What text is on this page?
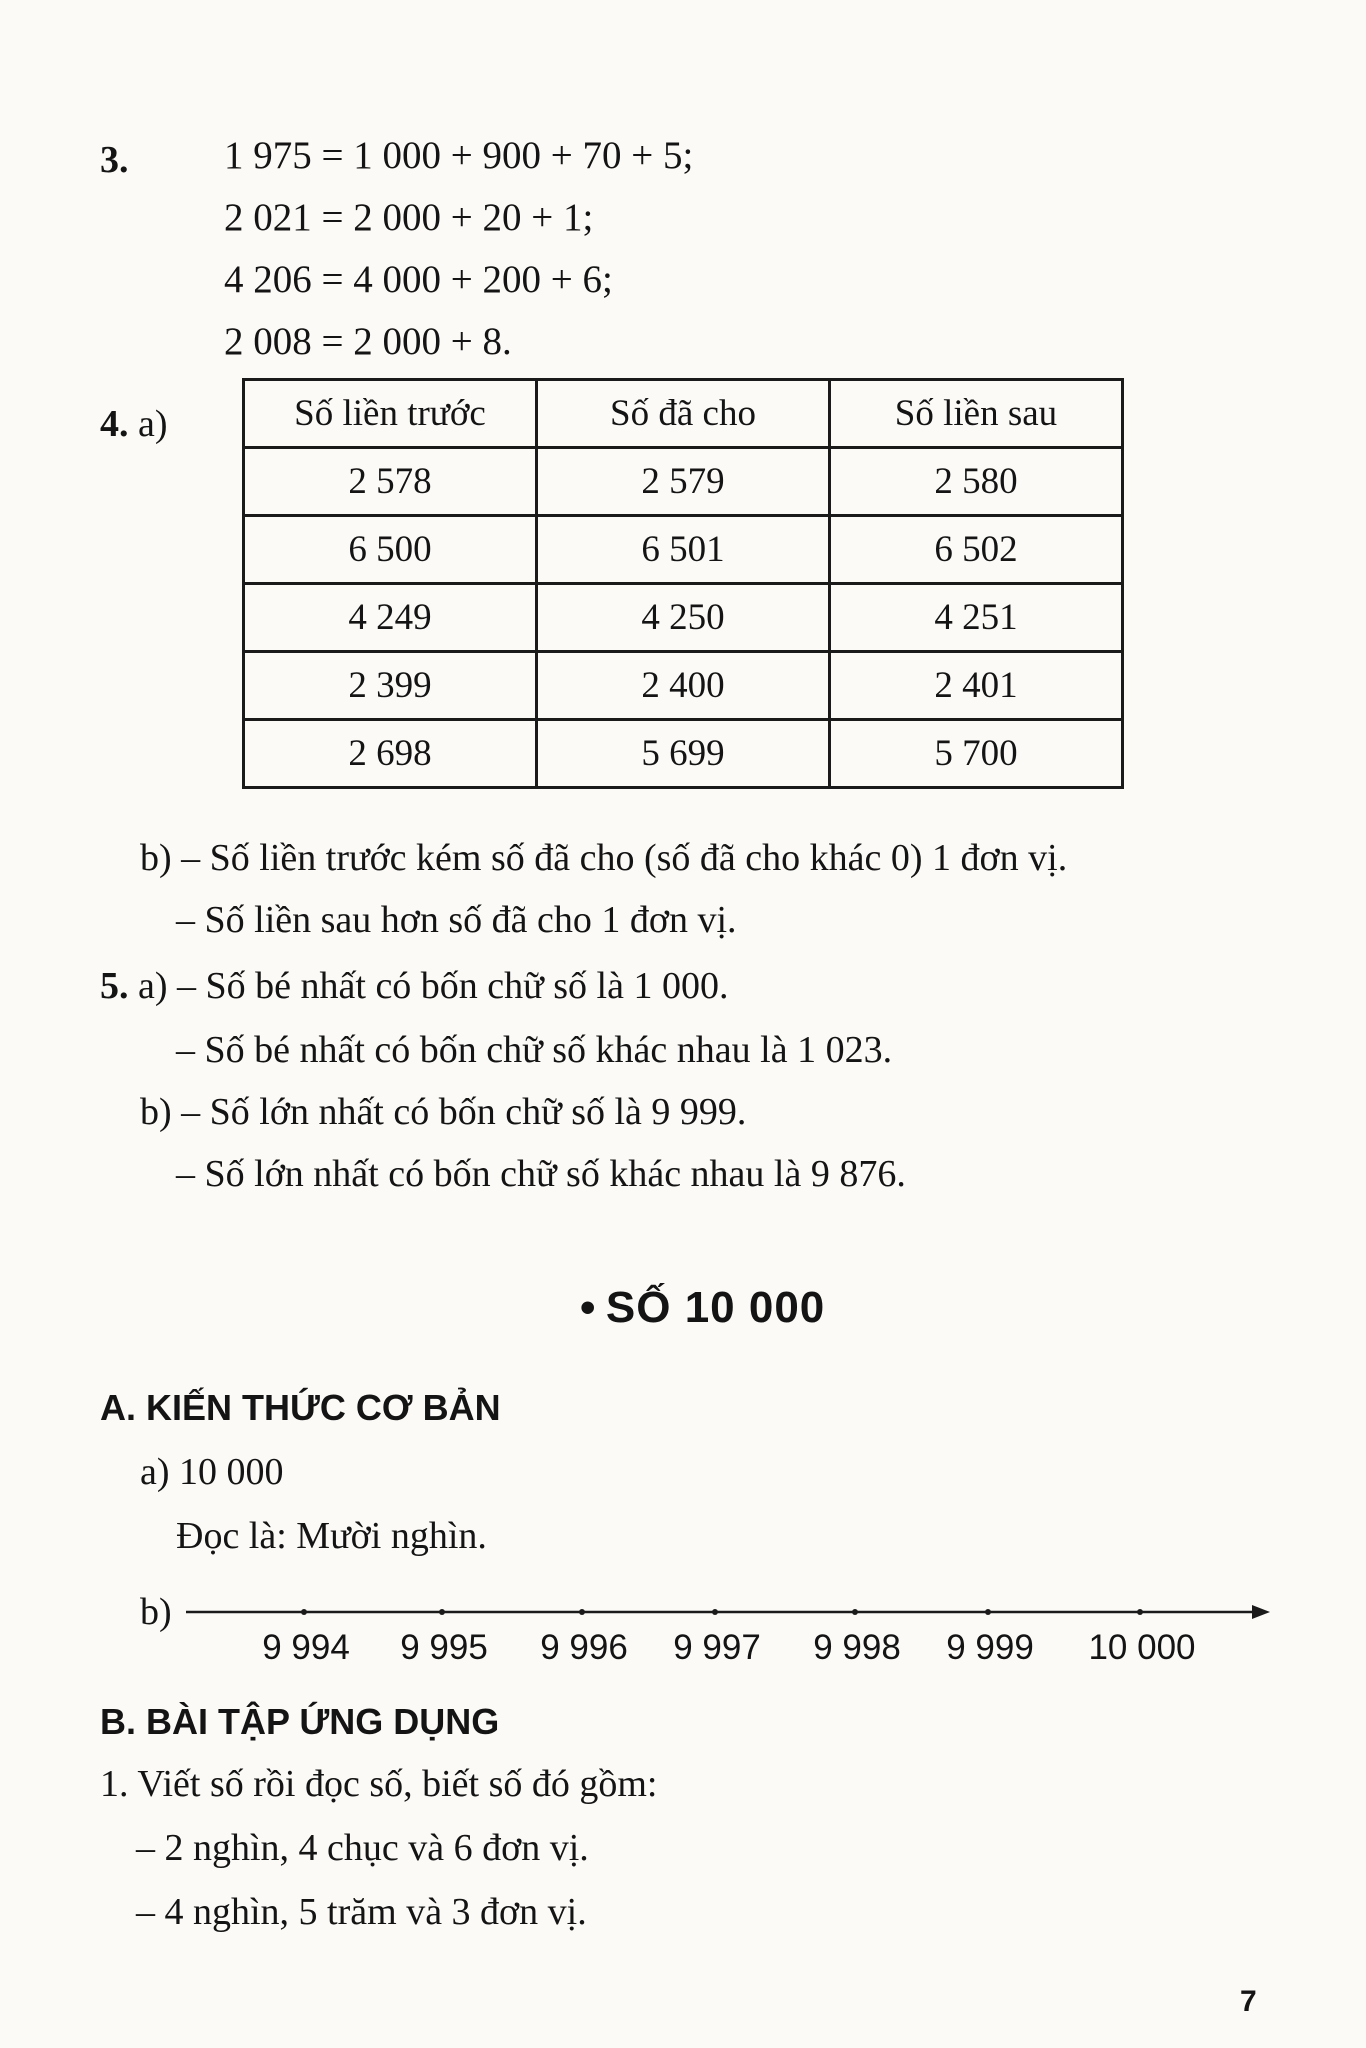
3. 1 975 = 1 000 + 900 + 70 + 5;
2 021 = 2 000 + 20 + 1;
4 206 = 4 000 + 200 + 6;
2 008 = 2 000 + 8.
4. a)	Số liền trước	Số đã cho	Số liền sau
2 578	2 579	2 580
6 500	6 501	6 502
4 249	4 250	4 251
2 399	2 400	2 401
2 698	5 699	5 700
b) – Số liền trước kém số đã cho (số đã cho khác 0) 1 đơn vị.
– Số liền sau hơn số đã cho 1 đơn vị.
5. a) – Số bé nhất có bốn chữ số là 1 000.
– Số bé nhất có bốn chữ số khác nhau là 1 023.
b) – Số lớn nhất có bốn chữ số là 9 999.
– Số lớn nhất có bốn chữ số khác nhau là 9 876.
• SỐ 10 000
A. KIẾN THỨC CƠ BẢN
a) 10 000
Đọc là: Mười nghìn.
b)
9 994	9 995	9 996	9 997	9 998	9 999	10 000
B. BÀI TẬP ỨNG DỤNG
1. Viết số rồi đọc số, biết số đó gồm:
– 2 nghìn, 4 chục và 6 đơn vị.
– 4 nghìn, 5 trăm và 3 đơn vị.
7
